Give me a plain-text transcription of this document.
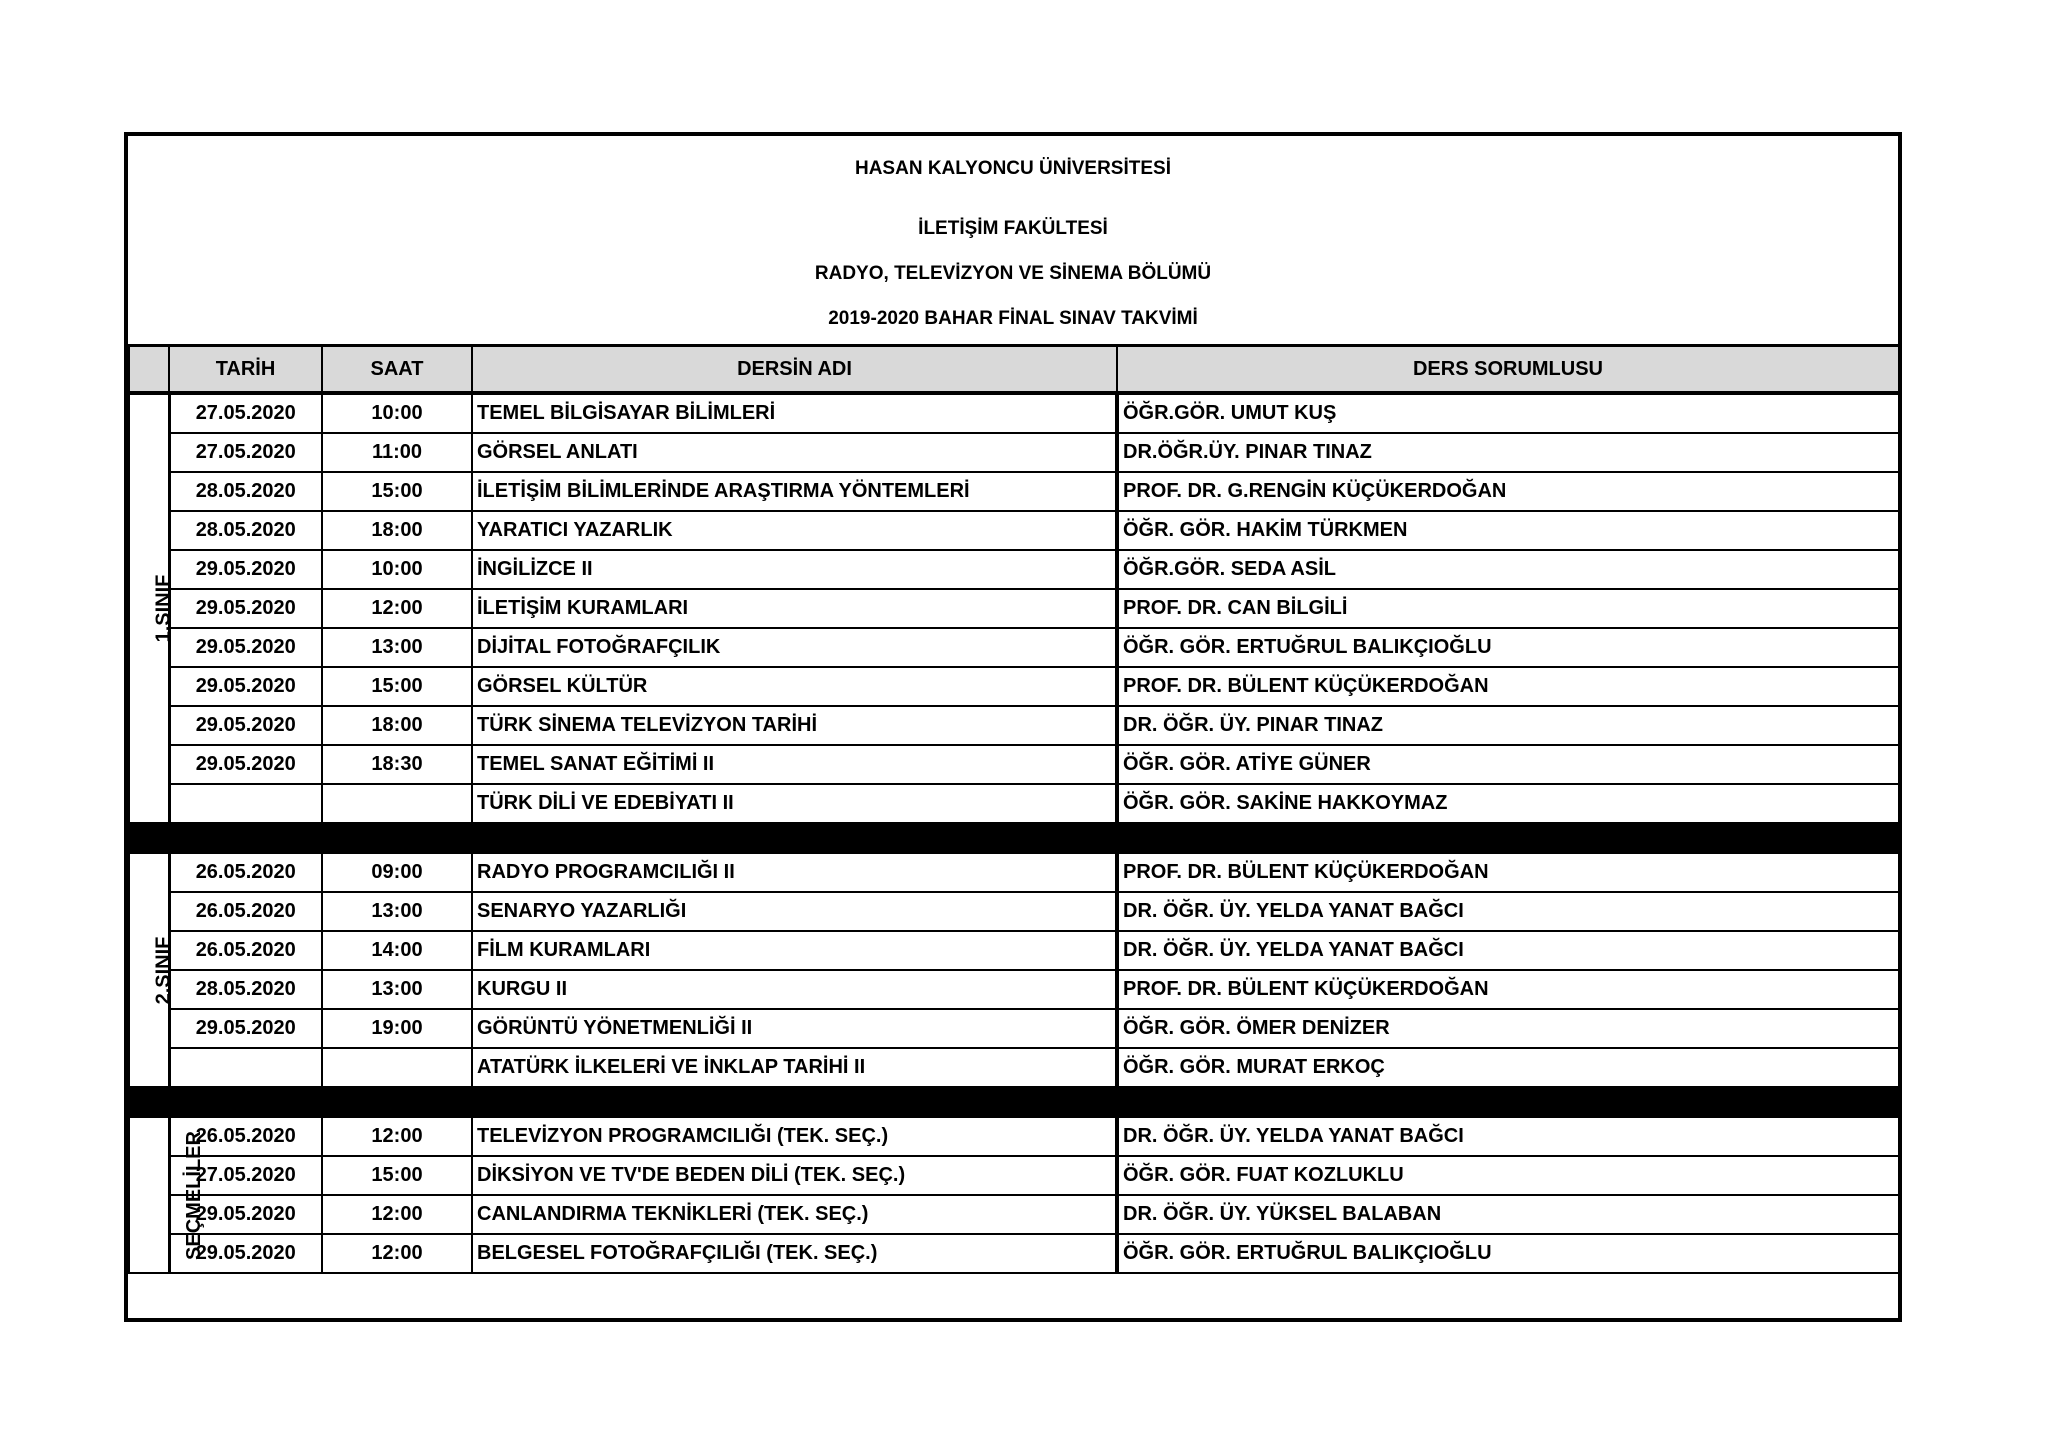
HASAN KALYONCU ÜNİVERSİTESİ
İLETİŞİM FAKÜLTESİ
RADYO, TELEVİZYON VE SİNEMA BÖLÜMÜ
2019-2020 BAHAR FİNAL SINAV TAKVİMİ
	TARİH	SAAT	DERSİN ADI	DERS SORUMLUSU
1.SINIF	27.05.2020	10:00	TEMEL BİLGİSAYAR BİLİMLERİ	ÖĞR.GÖR. UMUT KUŞ
	27.05.2020	11:00	GÖRSEL ANLATI	DR.ÖĞR.ÜY. PINAR TINAZ
	28.05.2020	15:00	İLETİŞİM BİLİMLERİNDE ARAŞTIRMA YÖNTEMLERİ	PROF. DR. G.RENGİN KÜÇÜKERDOĞAN
	28.05.2020	18:00	YARATICI YAZARLIK	ÖĞR. GÖR. HAKİM TÜRKMEN
	29.05.2020	10:00	İNGİLİZCE II	ÖĞR.GÖR. SEDA ASİL
	29.05.2020	12:00	İLETİŞİM KURAMLARI	PROF. DR. CAN BİLGİLİ
	29.05.2020	13:00	DİJİTAL FOTOĞRAFÇILIK	ÖĞR. GÖR. ERTUĞRUL BALIKÇIOĞLU
	29.05.2020	15:00	GÖRSEL KÜLTÜR	PROF. DR. BÜLENT KÜÇÜKERDOĞAN
	29.05.2020	18:00	TÜRK SİNEMA TELEVİZYON TARİHİ	DR. ÖĞR. ÜY. PINAR TINAZ
	29.05.2020	18:30	TEMEL SANAT EĞİTİMİ II	ÖĞR. GÖR. ATİYE GÜNER
			TÜRK DİLİ VE EDEBİYATI II	ÖĞR. GÖR. SAKİNE HAKKOYMAZ

2.SINIF	26.05.2020	09:00	RADYO PROGRAMCILIĞI II	PROF. DR. BÜLENT KÜÇÜKERDOĞAN
	26.05.2020	13:00	SENARYO YAZARLIĞI	DR. ÖĞR. ÜY. YELDA YANAT BAĞCI
	26.05.2020	14:00	FİLM KURAMLARI	DR. ÖĞR. ÜY. YELDA YANAT BAĞCI
	28.05.2020	13:00	KURGU II	PROF. DR. BÜLENT KÜÇÜKERDOĞAN
	29.05.2020	19:00	GÖRÜNTÜ YÖNETMENLİĞİ II	ÖĞR. GÖR. ÖMER DENİZER
			ATATÜRK İLKELERİ VE İNKLAP TARİHİ II	ÖĞR. GÖR. MURAT ERKOÇ

SEÇMELİLER	26.05.2020	12:00	TELEVİZYON PROGRAMCILIĞI (TEK. SEÇ.)	DR. ÖĞR. ÜY. YELDA YANAT BAĞCI
	27.05.2020	15:00	DİKSİYON VE TV'DE BEDEN DİLİ (TEK. SEÇ.)	ÖĞR. GÖR. FUAT KOZLUKLU
	29.05.2020	12:00	CANLANDIRMA TEKNİKLERİ (TEK. SEÇ.)	DR. ÖĞR. ÜY. YÜKSEL BALABAN
	29.05.2020	12:00	BELGESEL FOTOĞRAFÇILIĞI (TEK. SEÇ.)	ÖĞR. GÖR. ERTUĞRUL BALIKÇIOĞLU
